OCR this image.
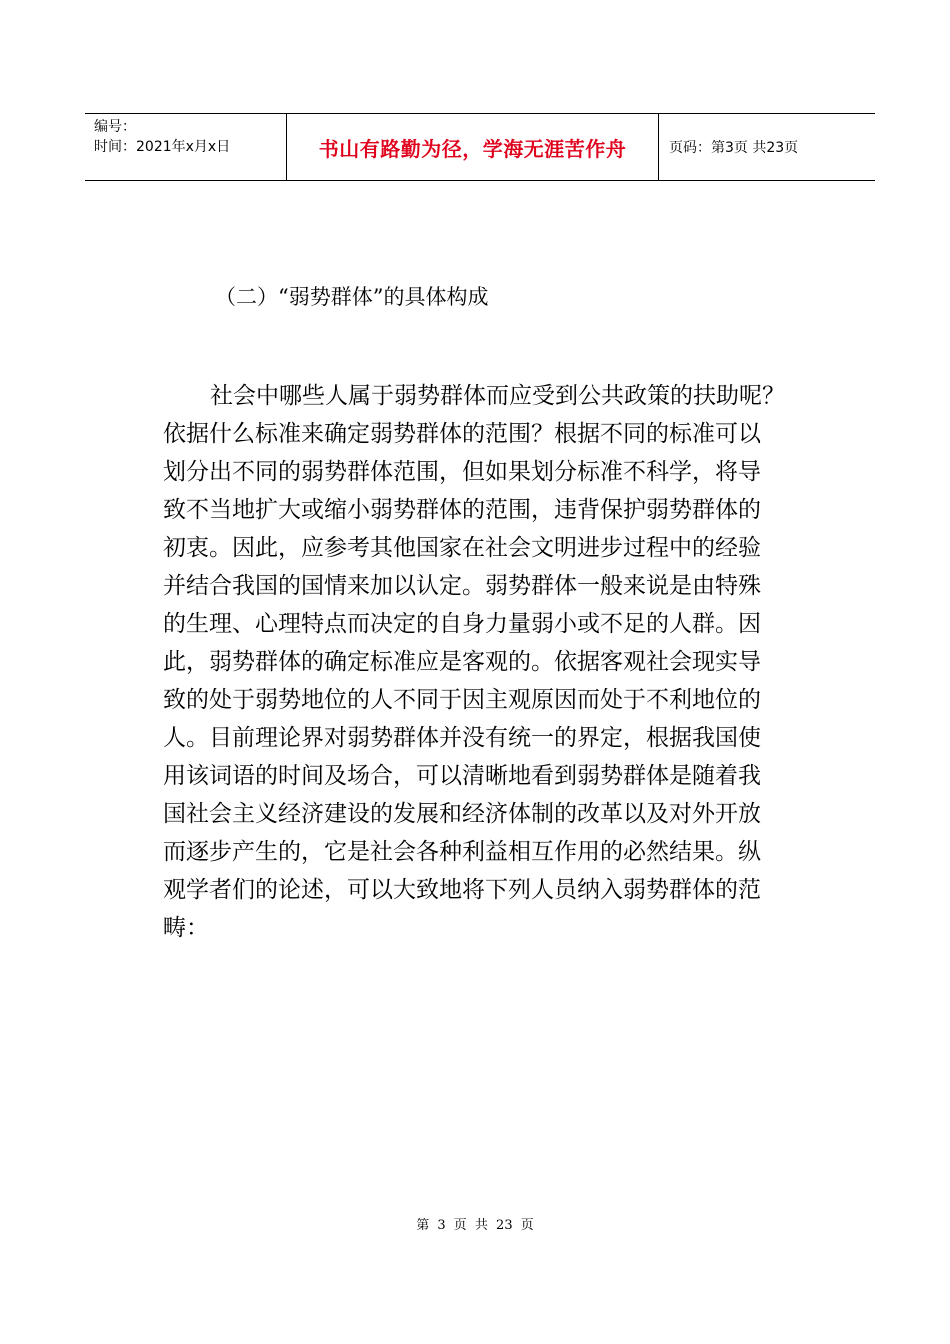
编号：
时间：2021年x月x日	书山有路勤为径，学海无涯苦作舟	页码：第3页 共23页
（二）“弱势群体”的具体构成
社会中哪些人属于弱势群体而应受到公共政策的扶助呢？
依据什么标准来确定弱势群体的范围？根据不同的标准可以
划分出不同的弱势群体范围，但如果划分标准不科学，将导
致不当地扩大或缩小弱势群体的范围，违背保护弱势群体的
初衷。因此，应参考其他国家在社会文明进步过程中的经验
并结合我国的国情来加以认定。弱势群体一般来说是由特殊
的生理、心理特点而决定的自身力量弱小或不足的人群。因
此，弱势群体的确定标准应是客观的。依据客观社会现实导
致的处于弱势地位的人不同于因主观原因而处于不利地位的
人。目前理论界对弱势群体并没有统一的界定，根据我国使
用该词语的时间及场合，可以清晰地看到弱势群体是随着我
国社会主义经济建设的发展和经济体制的改革以及对外开放
而逐步产生的，它是社会各种利益相互作用的必然结果。纵
观学者们的论述，可以大致地将下列人员纳入弱势群体的范
畴：
第 3 页 共 23 页
